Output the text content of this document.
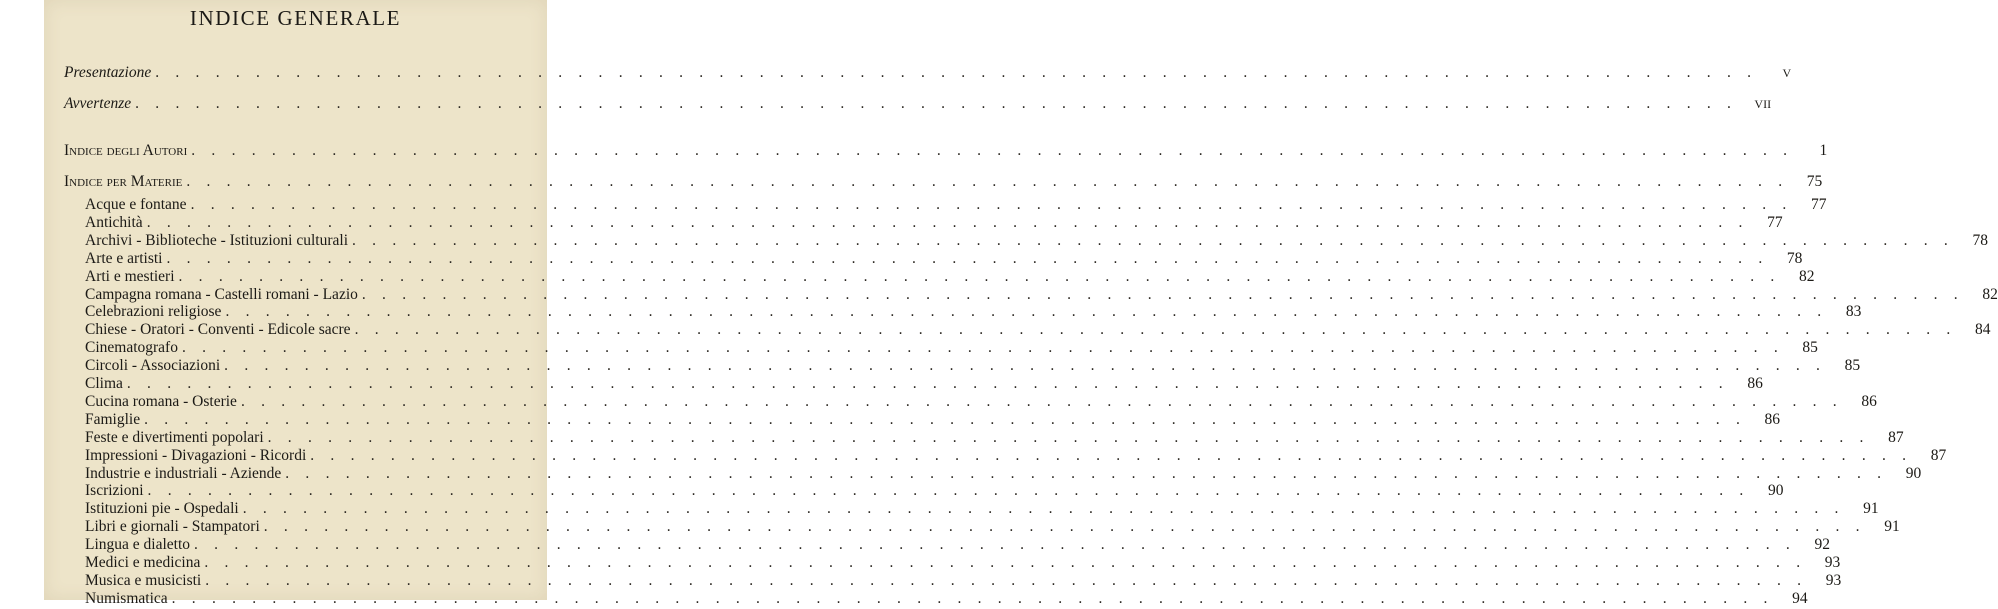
INDICE GENERALE
Presentazione . . . . . . . . . . . . . . . . . . . . . . . . . . . . . . . . . . . . . . . . . . . . . . . . . . . . . . . . . . . . . . . . . . . . . . . . . . . . . . . .	V
Avvertenze . . . . . . . . . . . . . . . . . . . . . . . . . . . . . . . . . . . . . . . . . . . . . . . . . . . . . . . . . . . . . . . . . . . . . . . . . . . . . . . .	VII
Indice degli Autori . . . . . . . . . . . . . . . . . . . . . . . . . . . . . . . . . . . . . . . . . . . . . . . . . . . . . . . . . . . . . . . . . . . . . . . . . . . . . . . .	1
Indice per Materie . . . . . . . . . . . . . . . . . . . . . . . . . . . . . . . . . . . . . . . . . . . . . . . . . . . . . . . . . . . . . . . . . . . . . . . . . . . . . . . .	75
Acque e fontane . . . . . . . . . . . . . . . . . . . . . . . . . . . . . . . . . . . . . . . . . . . . . . . . . . . . . . . . . . . . . . . . . . . . . . . . . . . . . . . .	77
Antichità . . . . . . . . . . . . . . . . . . . . . . . . . . . . . . . . . . . . . . . . . . . . . . . . . . . . . . . . . . . . . . . . . . . . . . . . . . . . . . . .	77
Archivi - Biblioteche - Istituzioni culturali . . . . . . . . . . . . . . . . . . . . . . . . . . . . . . . . . . . . . . . . . . . . . . . . . . . . . . . . . . . . . . . . . . . . . . . . . . . . . . . .	78
Arte e artisti . . . . . . . . . . . . . . . . . . . . . . . . . . . . . . . . . . . . . . . . . . . . . . . . . . . . . . . . . . . . . . . . . . . . . . . . . . . . . . . .	78
Arti e mestieri . . . . . . . . . . . . . . . . . . . . . . . . . . . . . . . . . . . . . . . . . . . . . . . . . . . . . . . . . . . . . . . . . . . . . . . . . . . . . . . .	82
Campagna romana - Castelli romani - Lazio . . . . . . . . . . . . . . . . . . . . . . . . . . . . . . . . . . . . . . . . . . . . . . . . . . . . . . . . . . . . . . . . . . . . . . . . . . . . . . . .	82
Celebrazioni religiose . . . . . . . . . . . . . . . . . . . . . . . . . . . . . . . . . . . . . . . . . . . . . . . . . . . . . . . . . . . . . . . . . . . . . . . . . . . . . . . .	83
Chiese - Oratori - Conventi - Edicole sacre . . . . . . . . . . . . . . . . . . . . . . . . . . . . . . . . . . . . . . . . . . . . . . . . . . . . . . . . . . . . . . . . . . . . . . . . . . . . . . . .	84
Cinematografo . . . . . . . . . . . . . . . . . . . . . . . . . . . . . . . . . . . . . . . . . . . . . . . . . . . . . . . . . . . . . . . . . . . . . . . . . . . . . . . .	85
Circoli - Associazioni . . . . . . . . . . . . . . . . . . . . . . . . . . . . . . . . . . . . . . . . . . . . . . . . . . . . . . . . . . . . . . . . . . . . . . . . . . . . . . . .	85
Clima . . . . . . . . . . . . . . . . . . . . . . . . . . . . . . . . . . . . . . . . . . . . . . . . . . . . . . . . . . . . . . . . . . . . . . . . . . . . . . . .	86
Cucina romana - Osterie . . . . . . . . . . . . . . . . . . . . . . . . . . . . . . . . . . . . . . . . . . . . . . . . . . . . . . . . . . . . . . . . . . . . . . . . . . . . . . . .	86
Famiglie . . . . . . . . . . . . . . . . . . . . . . . . . . . . . . . . . . . . . . . . . . . . . . . . . . . . . . . . . . . . . . . . . . . . . . . . . . . . . . . .	86
Feste e divertimenti popolari . . . . . . . . . . . . . . . . . . . . . . . . . . . . . . . . . . . . . . . . . . . . . . . . . . . . . . . . . . . . . . . . . . . . . . . . . . . . . . . .	87
Impressioni - Divagazioni - Ricordi . . . . . . . . . . . . . . . . . . . . . . . . . . . . . . . . . . . . . . . . . . . . . . . . . . . . . . . . . . . . . . . . . . . . . . . . . . . . . . . .	87
Industrie e industriali - Aziende . . . . . . . . . . . . . . . . . . . . . . . . . . . . . . . . . . . . . . . . . . . . . . . . . . . . . . . . . . . . . . . . . . . . . . . . . . . . . . . .	90
Iscrizioni . . . . . . . . . . . . . . . . . . . . . . . . . . . . . . . . . . . . . . . . . . . . . . . . . . . . . . . . . . . . . . . . . . . . . . . . . . . . . . . .	90
Istituzioni pie - Ospedali . . . . . . . . . . . . . . . . . . . . . . . . . . . . . . . . . . . . . . . . . . . . . . . . . . . . . . . . . . . . . . . . . . . . . . . . . . . . . . . .	91
Libri e giornali - Stampatori . . . . . . . . . . . . . . . . . . . . . . . . . . . . . . . . . . . . . . . . . . . . . . . . . . . . . . . . . . . . . . . . . . . . . . . . . . . . . . . .	91
Lingua e dialetto . . . . . . . . . . . . . . . . . . . . . . . . . . . . . . . . . . . . . . . . . . . . . . . . . . . . . . . . . . . . . . . . . . . . . . . . . . . . . . . .	92
Medici e medicina . . . . . . . . . . . . . . . . . . . . . . . . . . . . . . . . . . . . . . . . . . . . . . . . . . . . . . . . . . . . . . . . . . . . . . . . . . . . . . . .	93
Musica e musicisti . . . . . . . . . . . . . . . . . . . . . . . . . . . . . . . . . . . . . . . . . . . . . . . . . . . . . . . . . . . . . . . . . . . . . . . . . . . . . . . .	93
Numismatica . . . . . . . . . . . . . . . . . . . . . . . . . . . . . . . . . . . . . . . . . . . . . . . . . . . . . . . . . . . . . . . . . . . . . . . . . . . . . . . .	94
